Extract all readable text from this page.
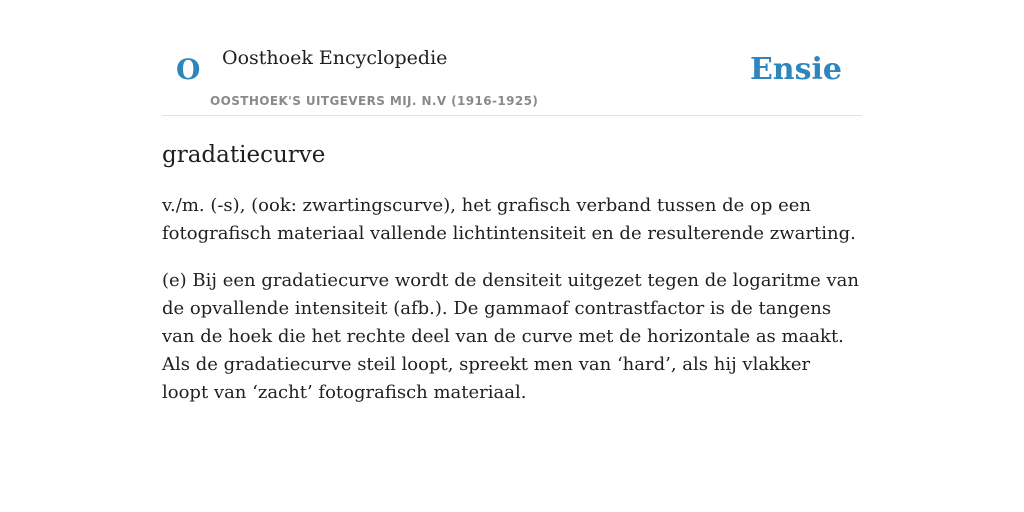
O Oosthoek Encyclopedie
OOSTHOEK'S UITGEVERS MIJ. N.V (1916-1925)
Ensie
gradatiecurve

v./m. (-s), (ook: zwartingscurve), het grafisch verband tussen de op een fotografisch materiaal vallende lichtintensiteit en de resulterende zwarting.

(e) Bij een gradatiecurve wordt de densiteit uitgezet tegen de logaritme van de opvallende intensiteit (afb.). De gammaof contrastfactor is de tangens van de hoek die het rechte deel van de curve met de horizontale as maakt. Als de gradatiecurve steil loopt, spreekt men van ‘hard’, als hij vlakker loopt van ‘zacht’ fotografisch materiaal.
